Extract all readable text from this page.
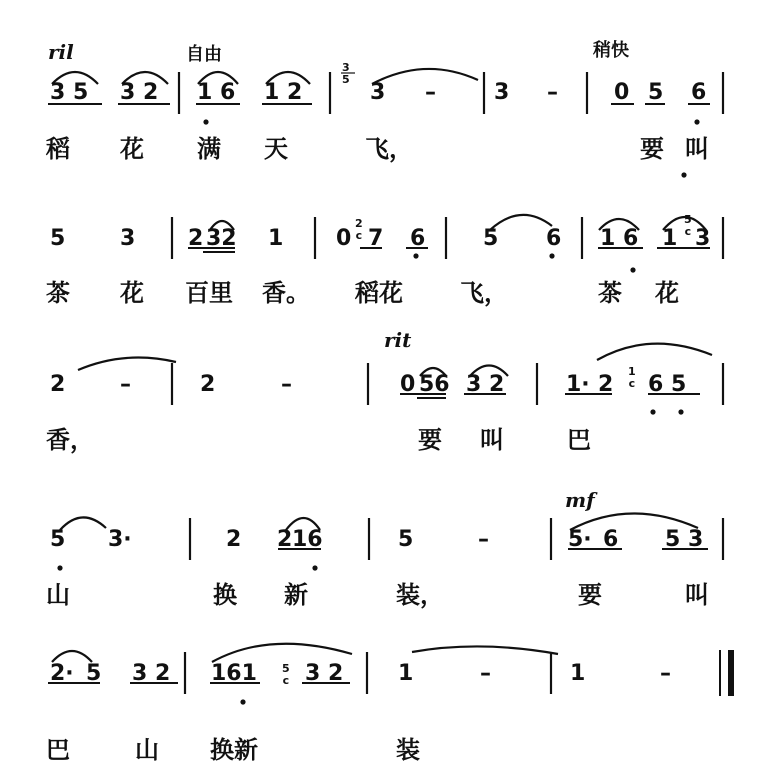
ril	自由	稍快
rit
mf
3
5
2
c
5
c
1
c
5
c
3 5 3 2 1 6 1 2	3 –	3 –	0 5 6
稻 花 满 天	飞，	要 叫
5 3 2 32 1 0 7 6	5 6 1 6 1 3
茶 花 百里 香。 稻花 飞，	茶 花
2 –	2	–	0 56 3 2	1· 2 6 5
香，	要 叫	巴
5 3·	2 2 16	5	–	5· 6 5 3
山	换 新	装，	要	叫
2· 5 3 2 161 3 2 1	–	1	–
巴	山 换新	装
